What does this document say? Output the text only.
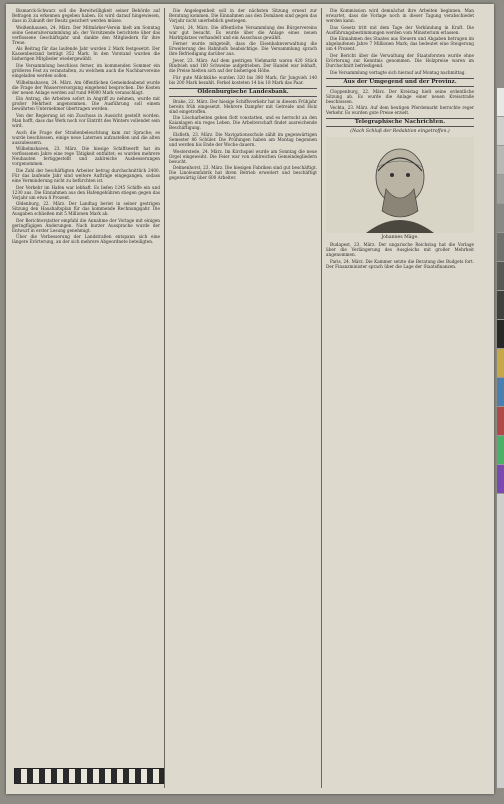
Bismarck-Schwarz soll die Bereitwilligkeit seiner Behörde auf Befragen zu erkennen gegeben haben. Es wird darauf hingewiesen, dass in Zukunft der Besitz gesichert werden müsse.

Weißenhausen, 24. März. Der Mitmärker-Verein hielt am Sonntag seine Generalversammlung ab; der Vorsitzende berichtete über das verflossene Geschäftsjahr und dankte den Mitgliedern für ihre Treue.

Als Beitrag für das laufende Jahr wurden 2 Mark festgesetzt. Der Kassenbestand beträgt 352 Mark. In den Vorstand wurden die bisherigen Mitglieder wiedergewählt.

Die Versammlung beschloss ferner, im kommenden Sommer ein größeres Fest zu veranstalten, zu welchem auch die Nachbarvereine eingeladen werden sollen.

Wilhelmshaven, 24. März. Am öffentlichen Gemeindeabend wurde die Frage der Wasserversorgung eingehend besprochen. Die Kosten der neuen Anlage werden auf rund 94000 Mark veranschlagt.

Ein Antrag, die Arbeiten sofort in Angriff zu nehmen, wurde mit großer Mehrheit angenommen. Die Ausführung soll einem bewährten Unternehmer übertragen werden.

Von der Regierung ist ein Zuschuss in Aussicht gestellt worden. Man hofft, dass das Werk noch vor Eintritt des Winters vollendet sein wird.

Auch die Frage der Straßenbeleuchtung kam zur Sprache; es wurde beschlossen, einige neue Laternen aufzustellen und die alten auszubessern.

Wilhelmshaven, 23. März. Die hiesige Schiffswerft hat im verflossenen Jahre eine rege Tätigkeit entfaltet; es wurden mehrere Neubauten fertiggestellt und zahlreiche Ausbesserungen vorgenommen.

Die Zahl der beschäftigten Arbeiter betrug durchschnittlich 2400. Für das laufende Jahr sind weitere Aufträge eingegangen, sodass eine Verminderung nicht zu befürchten ist.

Der Verkehr im Hafen war lebhaft. Es liefen 1245 Schiffe ein und 1230 aus. Die Einnahmen aus den Hafengebühren stiegen gegen das Vorjahr um etwa 8 Prozent.

Oldenburg, 22. März. Der Landtag beriet in seiner gestrigen Sitzung den Haushaltsplan für das kommende Rechnungsjahr. Die Ausgaben schließen mit 5 Millionen Mark ab.

Der Berichterstatter empfahl die Annahme der Vorlage mit einigen geringfügigen Änderungen. Nach kurzer Aussprache wurde der Entwurf in erster Lesung genehmigt.

Über die Verbesserung der Landstraßen entspann sich eine längere Erörterung, an der sich mehrere Abgeordnete beteiligten.

Die Angelegenheit soll in der nächsten Sitzung erneut zur Beratung kommen. Die Einnahmen aus den Domänen sind gegen das Vorjahr nicht unerheblich gestiegen.

Varel, 24. März. Die öffentliche Versammlung des Bürgervereins war gut besucht. Es wurde über die Anlage eines neuen Marktplatzes verhandelt und ein Ausschuss gewählt.

Ferner wurde mitgeteilt, dass die Eisenbahnverwaltung die Erweiterung des Bahnhofs beabsichtige. Die Versammlung sprach ihre Befriedigung darüber aus.

Jever, 23. März. Auf dem gestrigen Viehmarkt waren 420 Stück Rindvieh und 160 Schweine aufgetrieben. Der Handel war lebhaft, die Preise hielten sich auf der bisherigen Höhe.

Für gute Milchkühe wurden 320 bis 380 Mark, für Jungvieh 140 bis 200 Mark bezahlt. Ferkel kosteten 14 bis 18 Mark das Paar.

Oldenburgische Landesbank.

Brake, 22. März. Der hiesige Schiffsverkehr hat in diesem Frühjahr bereits früh eingesetzt. Mehrere Dampfer mit Getreide und Holz sind eingetroffen.

Die Löscharbeiten gehen flott vonstatten, und es herrscht an den Kaianlagen ein reges Leben. Die Arbeiterschaft findet ausreichende Beschäftigung.

Elsfleth, 23. März. Die Navigationsschule zählt im gegenwärtigen Semester 86 Schüler. Die Prüfungen haben am Montag begonnen und werden bis Ende der Woche dauern.

Westerstede, 24. März. Im Kirchspiel wurde am Sonntag die neue Orgel eingeweiht. Die Feier war von zahlreichen Gemeindegliedern besucht.

Delmenhorst, 23. März. Die hiesigen Fabriken sind gut beschäftigt. Die Linoleumfabrik hat ihren Betrieb erweitert und beschäftigt gegenwärtig über 600 Arbeiter.

Die Kommission wird demnächst ihre Arbeiten beginnen. Man erwartet, dass die Vorlage noch in dieser Tagung verabschiedet werden kann.

Das Gesetz tritt mit dem Tage der Verkündung in Kraft. Die Ausführungsbestimmungen werden vom Ministerium erlassen.

Die Einnahmen des Staates aus Steuern und Abgaben betrugen im abgelaufenen Jahre 7 Millionen Mark; das bedeutet eine Steigerung um 4 Prozent.

Der Bericht über die Verwaltung der Staatsforsten wurde ohne Erörterung zur Kenntnis genommen. Die Holzpreise waren im Durchschnitt befriedigend.

Die Versammlung vertagte sich hierauf auf Montag nachmittag.

Aus der Umgegend und der Provinz.

Cloppenburg, 22. März. Der Kreistag hielt seine ordentliche Sitzung ab. Es wurde die Anlage einer neuen Kreisstraße beschlossen.

Vechta, 23. März. Auf dem heutigen Pferdemarkt herrschte reger Verkehr. Es wurden gute Preise erzielt.

Telegraphische Nachrichten.
(Nach Schluß der Redaktion eingetroffen.)
Johannes Mäge.

Budapest, 23. März. Der ungarische Reichstag hat die Vorlage über die Verlängerung des Ausgleichs mit großer Mehrheit angenommen.

Paris, 24. März. Die Kammer setzte die Beratung des Budgets fort. Der Finanzminister sprach über die Lage der Staatsfinanzen.
